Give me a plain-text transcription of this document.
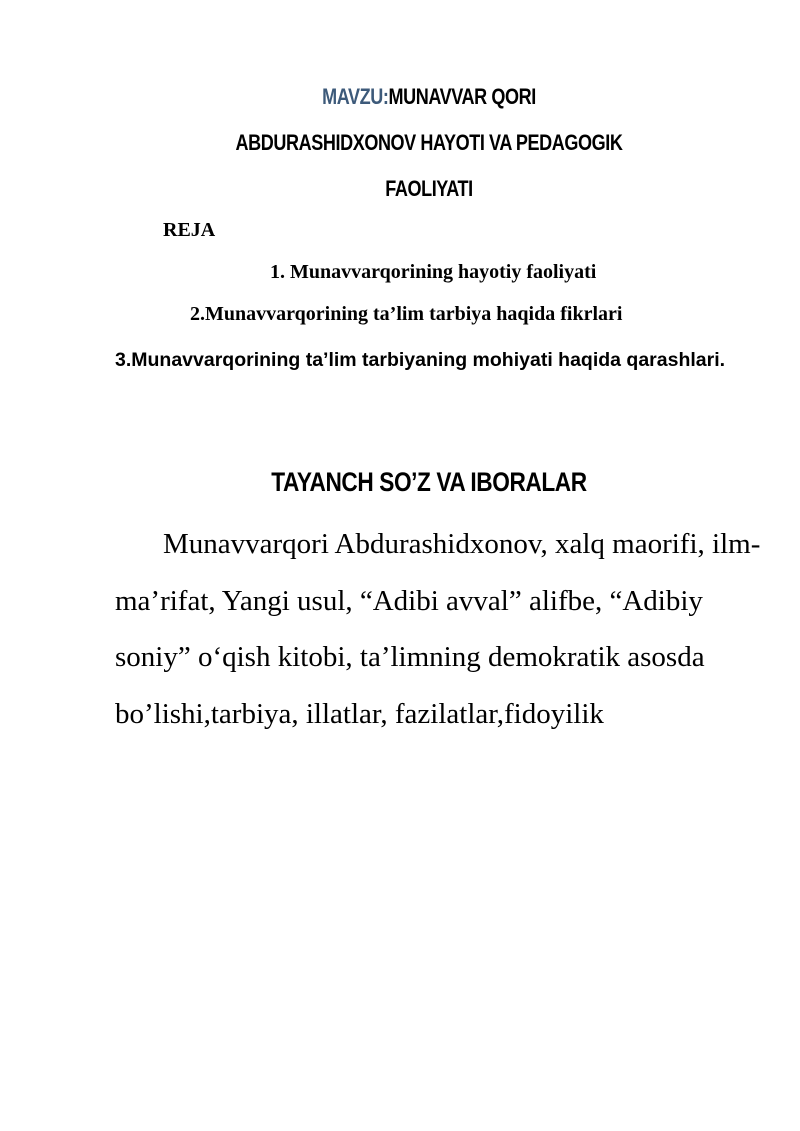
MAVZU:MUNAVVAR QORI
ABDURASHIDXONOV HAYOTI VA PEDAGOGIK
FAOLIYATI
REJA
1. Munavvarqorining hayotiy faoliyati
2.Munavvarqorining ta’lim tarbiya haqida fikrlari
3.Munavvarqorining ta’lim tarbiyaning mohiyati haqida qarashlari.
TAYANCH SO’Z VA IBORALAR
Munavvarqori Abdurashidxonov, xalq maorifi, ilm-ma’rifat, Yangi usul, “Adibi avval” alifbe, “Adibiy soniy” o‘qish kitobi, ta’limning demokratik asosda bo’lishi,tarbiya, illatlar, fazilatlar,fidoyilik
